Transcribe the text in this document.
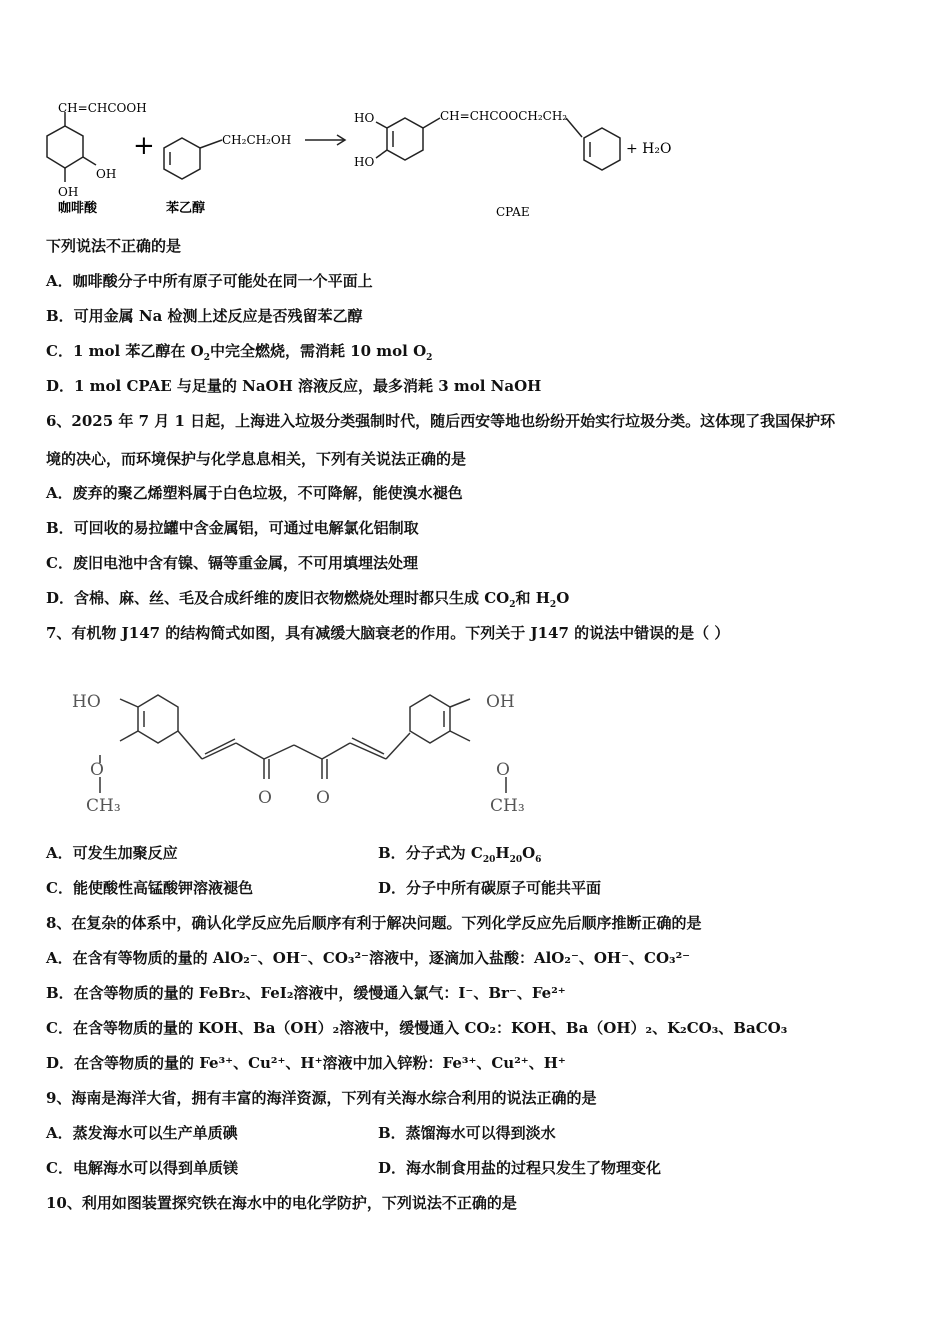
CH=CHCOOH
OH
OH
咖啡酸
+	CH₂CH₂OH
苯乙醇
HO
HO
CH=CHCOOCH₂CH₂
+ H₂O
CPAE
下列说法不正确的是
A．咖啡酸分子中所有原子可能处在同一个平面上
B．可用金属 Na 检测上述反应是否残留苯乙醇
C．1 mol 苯乙醇在 $O_2$中完全燃烧，需消耗 10 mol $O_2$
D．1 mol CPAE 与足量的 NaOH 溶液反应，最多消耗 3 mol NaOH
6、2025 年 7 月 1 日起，上海进入垃圾分类强制时代，随后西安等地也纷纷开始实行垃圾分类。这体现了我国保护环
境的决心，而环境保护与化学息息相关，下列有关说法正确的是
A．废弃的聚乙烯塑料属于白色垃圾，不可降解，能使溴水褪色
B．可回收的易拉罐中含金属铝，可通过电解氯化铝制取
C．废旧电池中含有镍、镉等重金属，不可用填埋法处理
D．含棉、麻、丝、毛及合成纤维的废旧衣物燃烧处理时都只生成 $CO_2$和 $H_2O$
7、有机物 J147 的结构简式如图，具有减缓大脑衰老的作用。下列关于 J147 的说法中错误的是（ ）
HO	OH
O
O	O
O
CH₃	CH₃
A．可发生加聚反应	B．分子式为 $C_{20}H_{20}O_6$
C．能使酸性高锰酸钾溶液褪色	D．分子中所有碳原子可能共平面
8、在复杂的体系中，确认化学反应先后顺序有利于解决问题。下列化学反应先后顺序推断正确的是
A．在含有等物质的量的 AlO₂⁻、OH⁻、CO₃²⁻溶液中，逐滴加入盐酸：AlO₂⁻、OH⁻、CO₃²⁻
B．在含等物质的量的 FeBr₂、FeI₂溶液中，缓慢通入氯气：I⁻、Br⁻、Fe²⁺
C．在含等物质的量的 KOH、Ba（OH）₂溶液中，缓慢通入 CO₂：KOH、Ba（OH）₂、K₂CO₃、BaCO₃
D．在含等物质的量的 Fe³⁺、Cu²⁺、H⁺溶液中加入锌粉：Fe³⁺、Cu²⁺、H⁺
9、海南是海洋大省，拥有丰富的海洋资源，下列有关海水综合利用的说法正确的是
A．蒸发海水可以生产单质碘	B．蒸馏海水可以得到淡水
C．电解海水可以得到单质镁	D．海水制食用盐的过程只发生了物理变化
10、利用如图装置探究铁在海水中的电化学防护，下列说法不正确的是
